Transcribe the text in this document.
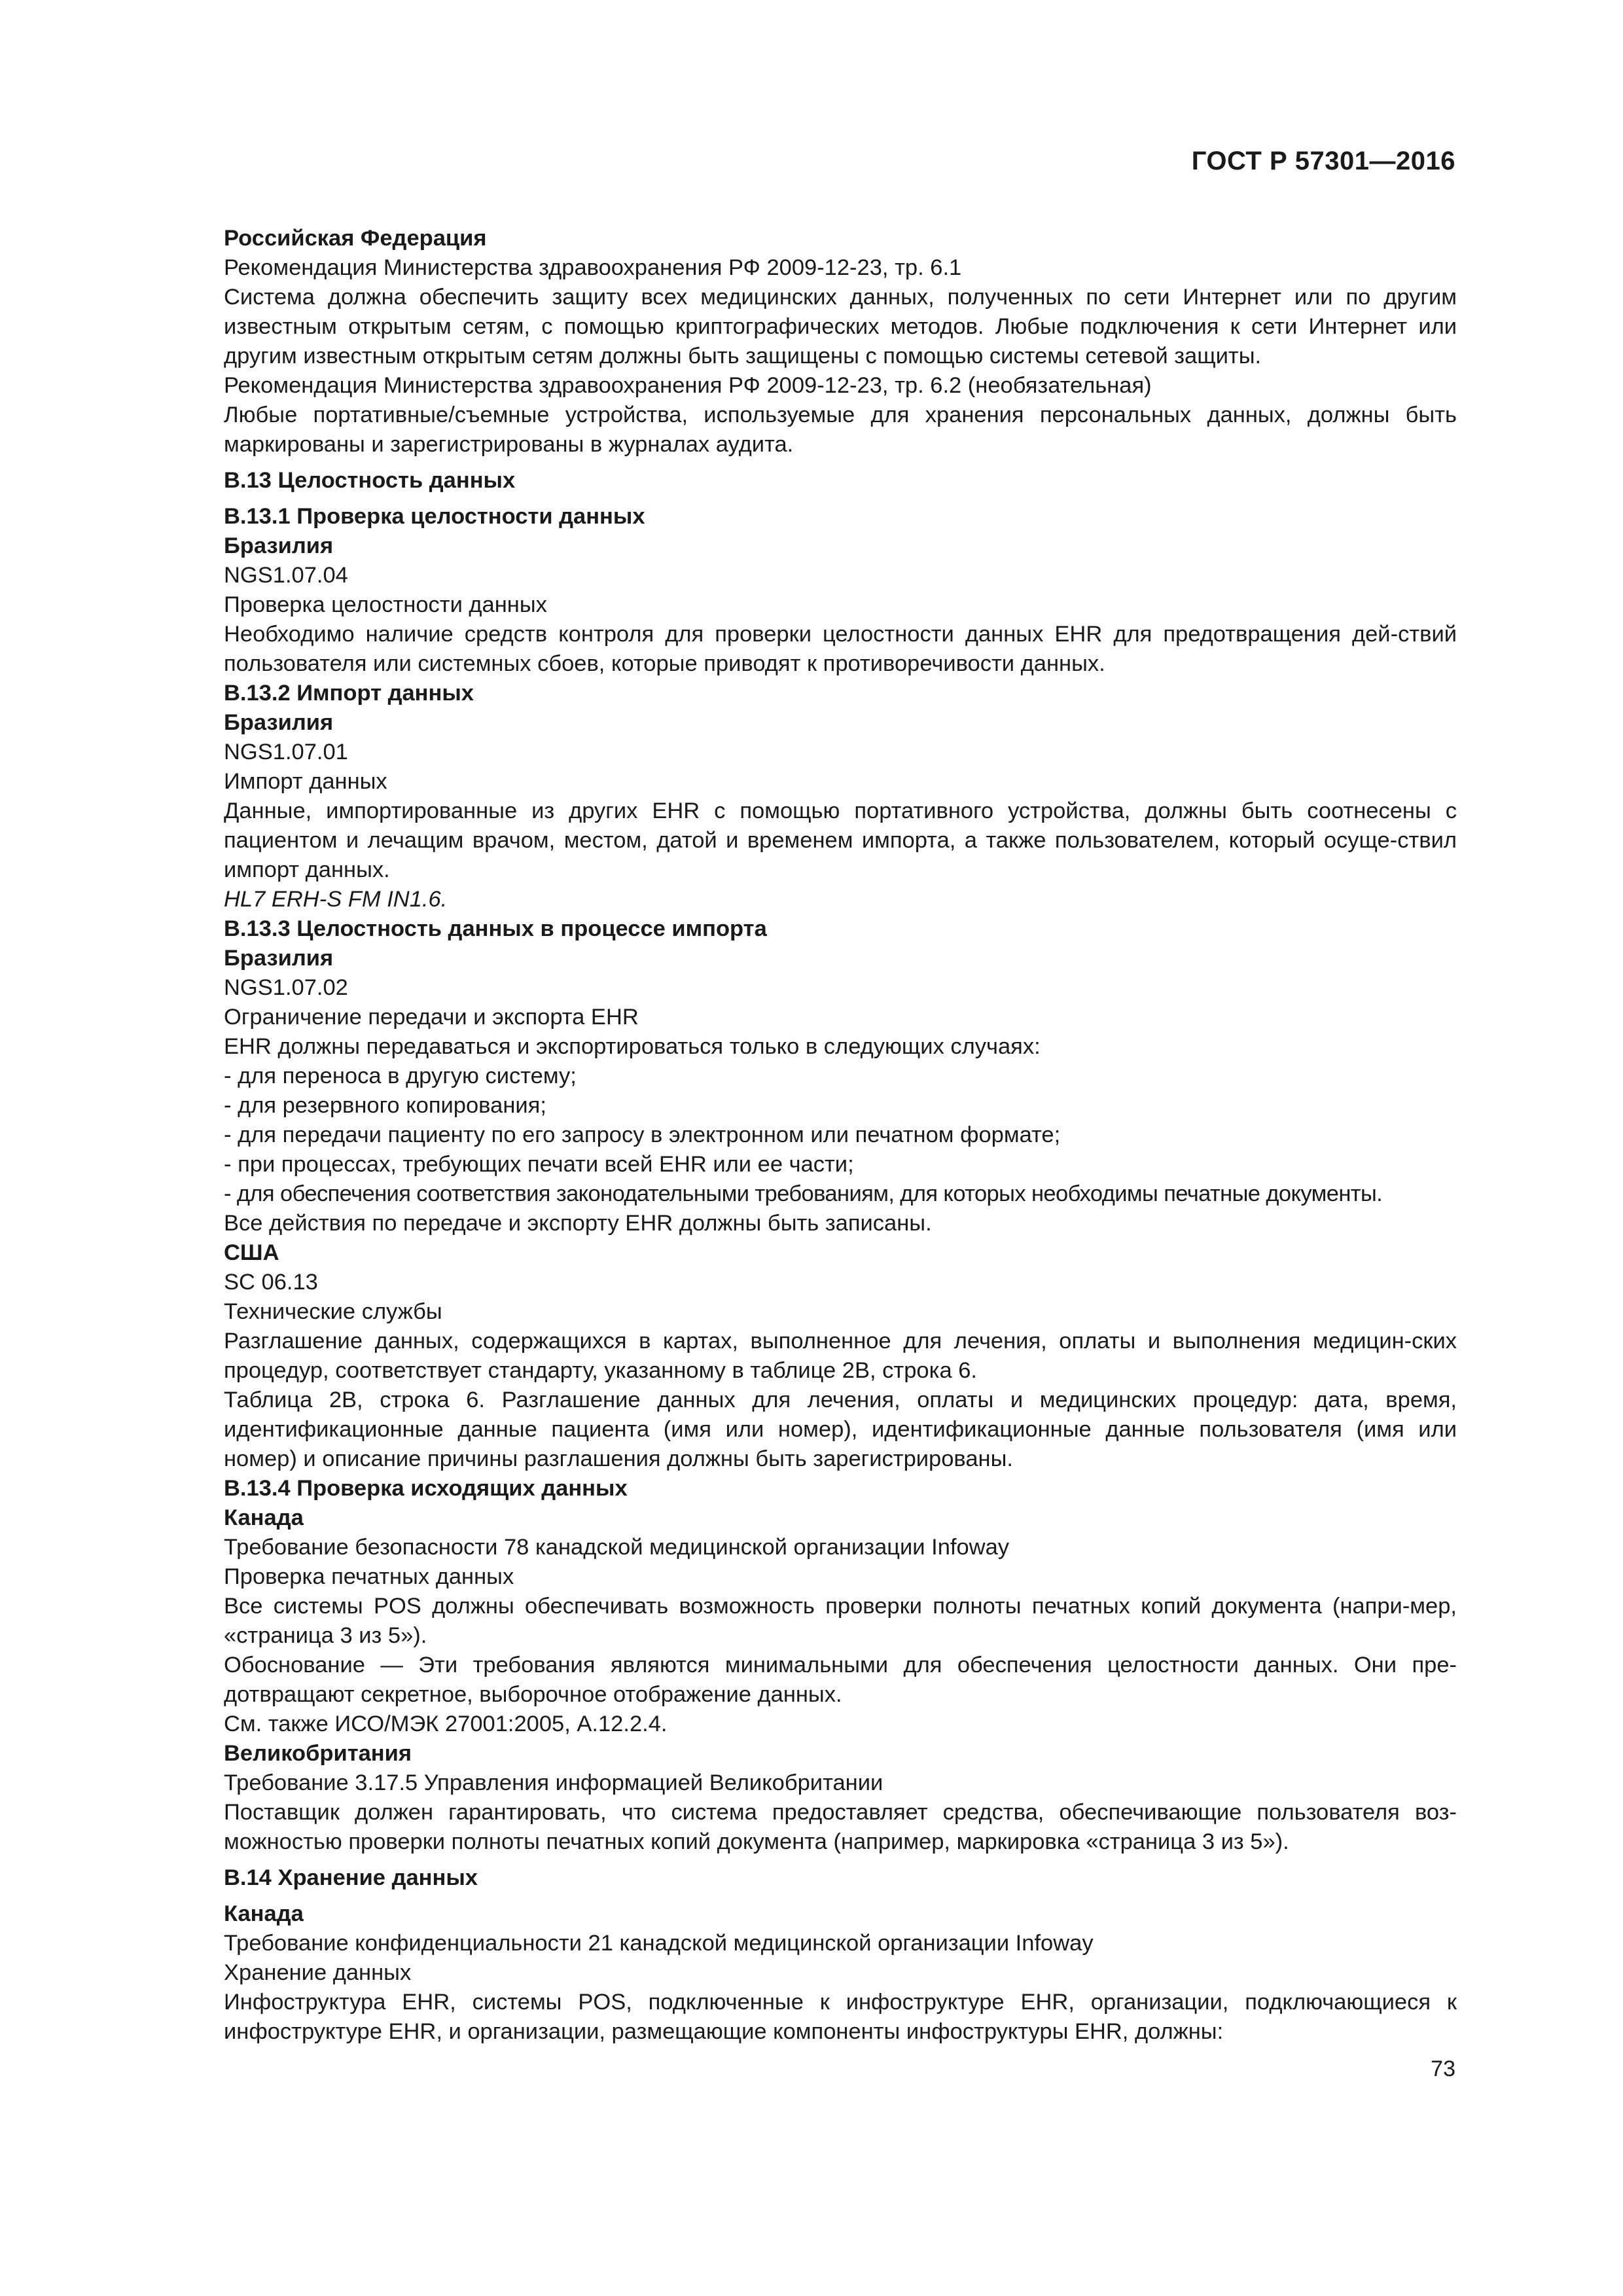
ГОСТ Р 57301—2016

Российская Федерация

Рекомендация Министерства здравоохранения РФ 2009-12-23, тр. 6.1

Система должна обеспечить защиту всех медицинских данных, полученных по сети Интернет или по другим известным открытым сетям, с помощью криптографических методов. Любые подключения к сети Интернет или другим известным открытым сетям должны быть защищены с помощью системы сетевой защиты.

Рекомендация Министерства здравоохранения РФ 2009-12-23, тр. 6.2 (необязательная)

Любые портативные/съемные устройства, используемые для хранения персональных данных, должны быть маркированы и зарегистрированы в журналах аудита.

В.13 Целостность данных

В.13.1 Проверка целостности данных

Бразилия

NGS1.07.04

Проверка целостности данных

Необходимо наличие средств контроля для проверки целостности данных EHR для предотвращения дей-ствий пользователя или системных сбоев, которые приводят к противоречивости данных.

В.13.2 Импорт данных

Бразилия

NGS1.07.01

Импорт данных

Данные, импортированные из других EHR с помощью портативного устройства, должны быть соотнесены с пациентом и лечащим врачом, местом, датой и временем импорта, а также пользователем, который осуще-ствил импорт данных.

HL7 ERH-S FM IN1.6.

В.13.3 Целостность данных в процессе импорта

Бразилия

NGS1.07.02

Ограничение передачи и экспорта EHR

EHR должны передаваться и экспортироваться только в следующих случаях:

- для переноса в другую систему;

- для резервного копирования;

- для передачи пациенту по его запросу в электронном или печатном формате;

- при процессах, требующих печати всей EHR или ее части;

- для обеспечения соответствия законодательными требованиям, для которых необходимы печатные документы.

Все действия по передаче и экспорту EHR должны быть записаны.

США

SC 06.13

Технические службы

Разглашение данных, содержащихся в картах, выполненное для лечения, оплаты и выполнения медицин-ских процедур, соответствует стандарту, указанному в таблице 2В, строка 6.

Таблица 2В, строка 6. Разглашение данных для лечения, оплаты и медицинских процедур: дата, время, идентификационные данные пациента (имя или номер), идентификационные данные пользователя (имя или номер) и описание причины разглашения должны быть зарегистрированы.

В.13.4 Проверка исходящих данных

Канада

Требование безопасности 78 канадской медицинской организации Infoway

Проверка печатных данных

Все системы POS должны обеспечивать возможность проверки полноты печатных копий документа (напри-мер, «страница 3 из 5»).

Обоснование — Эти требования являются минимальными для обеспечения целостности данных. Они пре-дотвращают секретное, выборочное отображение данных.

См. также ИСО/МЭК 27001:2005, А.12.2.4.

Великобритания

Требование 3.17.5 Управления информацией Великобритании

Поставщик должен гарантировать, что система предоставляет средства, обеспечивающие пользователя воз-можностью проверки полноты печатных копий документа (например, маркировка «страница 3 из 5»).

В.14 Хранение данных

Канада

Требование конфиденциальности 21 канадской медицинской организации Infoway

Хранение данных

Инфоструктура EHR, системы POS, подключенные к инфоструктуре EHR, организации, подключающиеся к инфоструктуре EHR, и организации, размещающие компоненты инфоструктуры EHR, должны:

73
